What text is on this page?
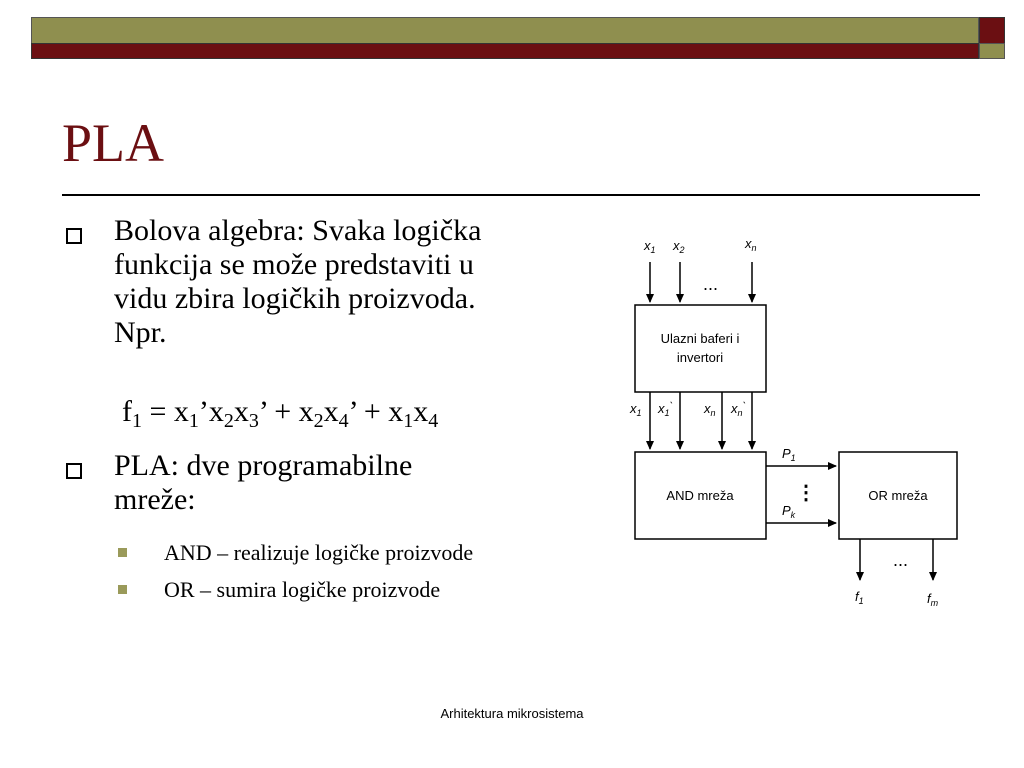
PLA
Bolova algebra: Svaka logička
funkcija se može predstaviti u
vidu zbira logičkih proizvoda.
Npr.
$f_1$ = $x_1’x_2x_3$’ + $x_2x_4$’ + $x_1x_4$
PLA: dve programabilne
mreže:
AND – realizuje logičke proizvode
OR – sumira logičke proizvode
$x_1$ $x_2$	$x_n$
...
Ulazni baferi i
invertori
$x_1$ $x_1^`$ $x_n$ $x_n^`$
AND mreža
$P_1$
⋮
$P_k$
OR mreža
...
$f_1$	$f_m$
Arhitektura mikrosistema
